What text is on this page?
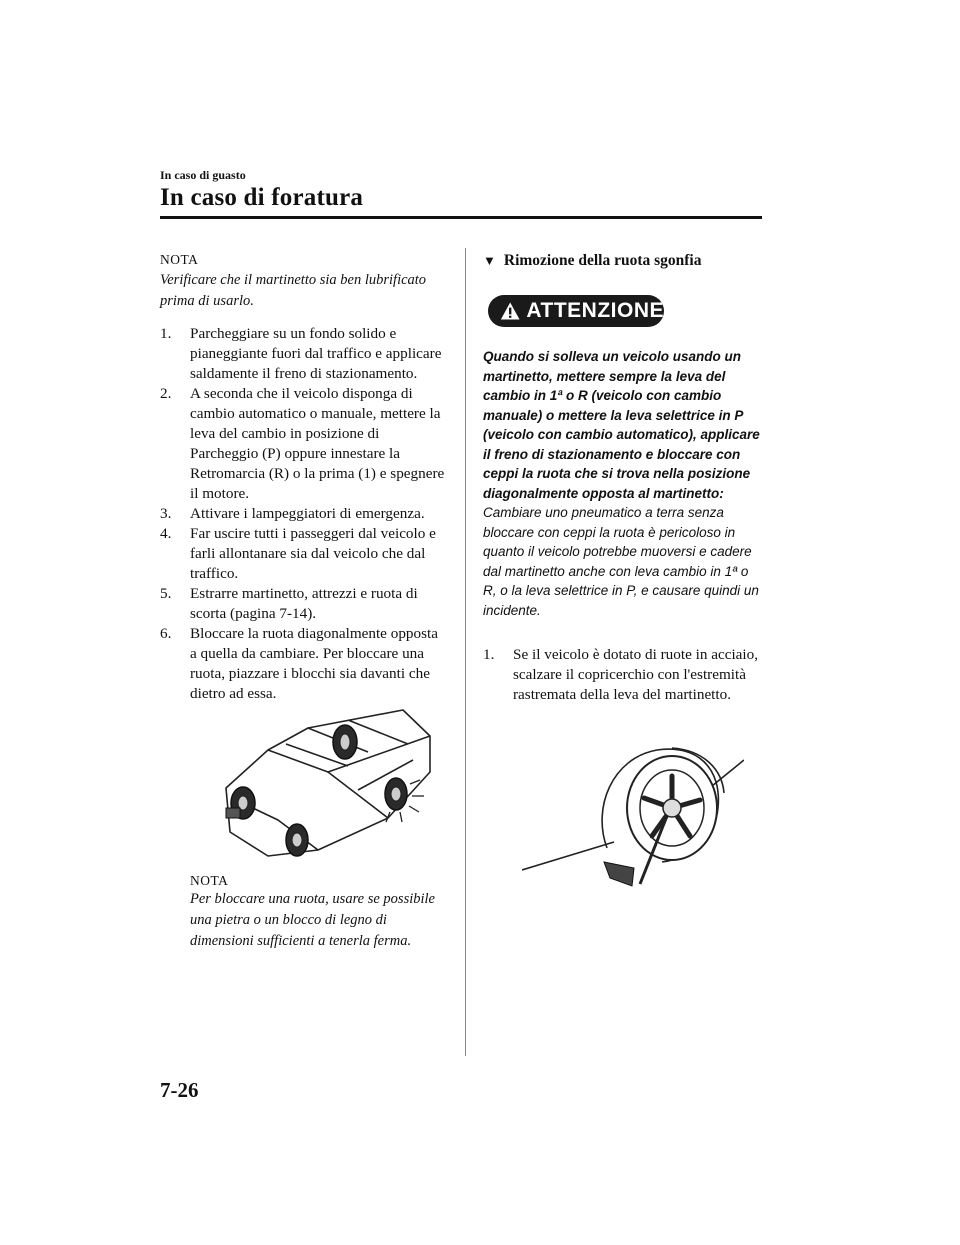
In caso di guasto
In caso di foratura
NOTA
Verificare che il martinetto sia ben lubrificato prima di usarlo.
1. Parcheggiare su un fondo solido e pianeggiante fuori dal traffico e applicare saldamente il freno di stazionamento.
2. A seconda che il veicolo disponga di cambio automatico o manuale, mettere la leva del cambio in posizione di Parcheggio (P) oppure innestare la Retromarcia (R) o la prima (1) e spegnere il motore.
3. Attivare i lampeggiatori di emergenza.
4. Far uscire tutti i passeggeri dal veicolo e farli allontanare sia dal veicolo che dal traffico.
5. Estrarre martinetto, attrezzi e ruota di scorta (pagina 7-14).
6. Bloccare la ruota diagonalmente opposta a quella da cambiare. Per bloccare una ruota, piazzare i blocchi sia davanti che dietro ad essa.
NOTA
Per bloccare una ruota, usare se possibile una pietra o un blocco di legno di dimensioni sufficienti a tenerla ferma.
▼ Rimozione della ruota sgonfia
ATTENZIONE
Quando si solleva un veicolo usando un martinetto, mettere sempre la leva del cambio in 1ª o R (veicolo con cambio manuale) o mettere la leva selettrice in P (veicolo con cambio automatico), applicare il freno di stazionamento e bloccare con ceppi la ruota che si trova nella posizione diagonalmente opposta al martinetto:
Cambiare uno pneumatico a terra senza bloccare con ceppi la ruota è pericoloso in quanto il veicolo potrebbe muoversi e cadere dal martinetto anche con leva cambio in 1ª o R, o la leva selettrice in P, e causare quindi un incidente.
1. Se il veicolo è dotato di ruote in acciaio, scalzare il copricerchio con l'estremità rastremata della leva del martinetto.
7-26
